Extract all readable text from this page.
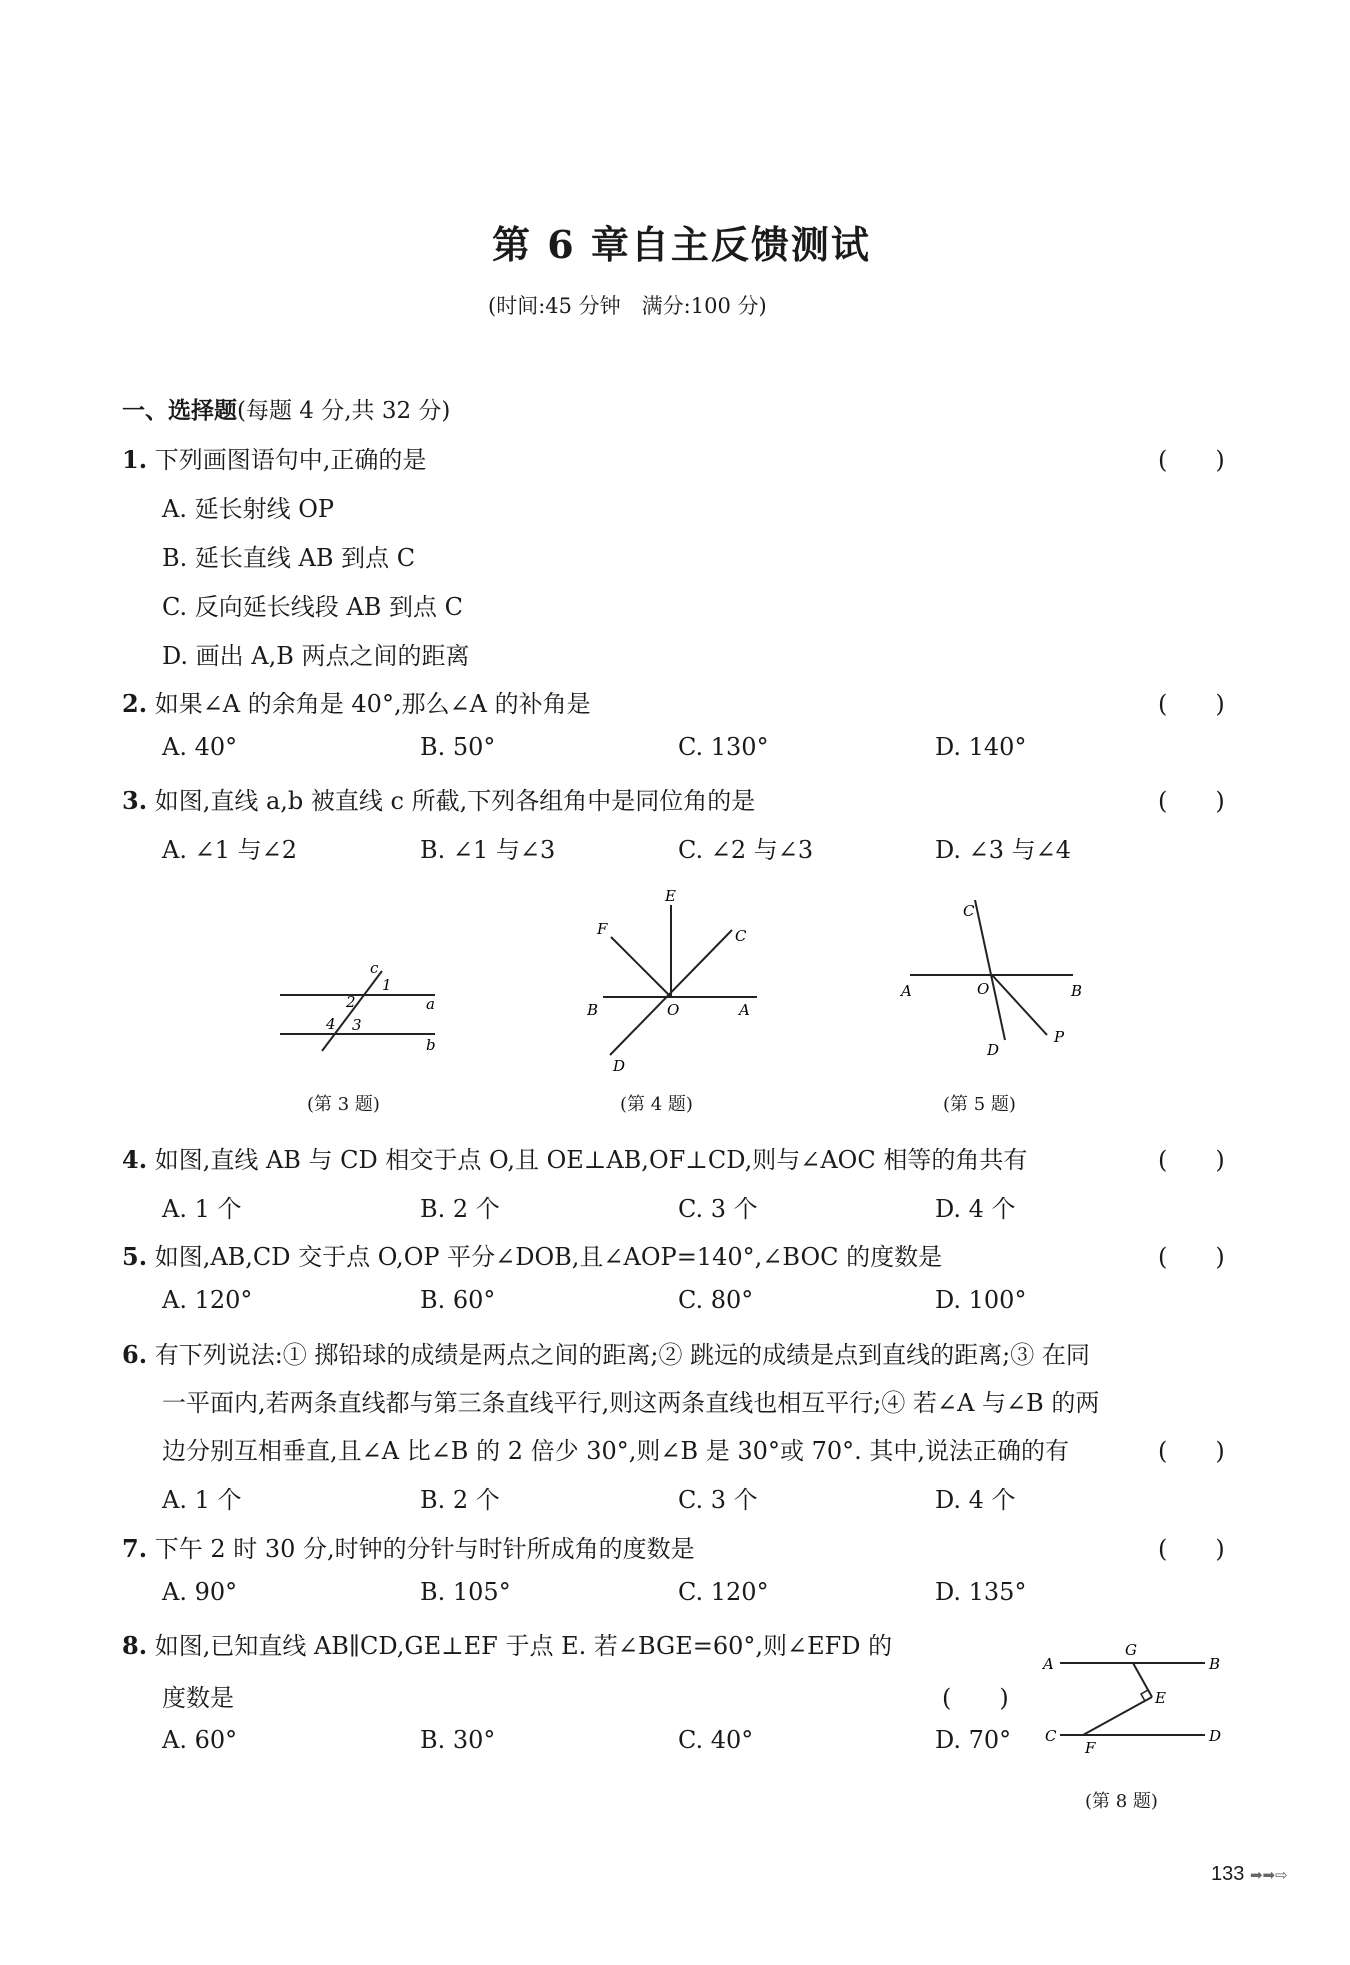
第 6 章自主反馈测试
(时间:45 分钟　满分:100 分)
一、选择题(每题 4 分,共 32 分)
1. 下列画图语句中,正确的是	(　　)
A. 延长射线 OP
B. 延长直线 AB 到点 C
C. 反向延长线段 AB 到点 C
D. 画出 A,B 两点之间的距离
2. 如果∠A 的余角是 40°,那么∠A 的补角是	(　　)
A. 40°	B. 50°	C. 130°	D. 140°
3. 如图,直线 a,b 被直线 c 所截,下列各组角中是同位角的是	(　　)
A. ∠1 与∠2	B. ∠1 与∠3	C. ∠2 与∠3	D. ∠3 与∠4
c
1
2	a
4 3
b
(第 3 题)
E
F	C
B	O	A
D
(第 4 题)
C
A	O	B
D
P
(第 5 题)
4. 如图,直线 AB 与 CD 相交于点 O,且 OE⊥AB,OF⊥CD,则与∠AOC 相等的角共有	(　　)
A. 1 个	B. 2 个	C. 3 个	D. 4 个
5. 如图,AB,CD 交于点 O,OP 平分∠DOB,且∠AOP=140°,∠BOC 的度数是	(　　)
A. 120°	B. 60°	C. 80°	D. 100°
6. 有下列说法:① 掷铅球的成绩是两点之间的距离;② 跳远的成绩是点到直线的距离;③ 在同
一平面内,若两条直线都与第三条直线平行,则这两条直线也相互平行;④ 若∠A 与∠B 的两
边分别互相垂直,且∠A 比∠B 的 2 倍少 30°,则∠B 是 30°或 70°. 其中,说法正确的有	(　　)
A. 1 个	B. 2 个	C. 3 个	D. 4 个
7. 下午 2 时 30 分,时钟的分针与时针所成角的度数是	(　　)
A. 90°	B. 105°	C. 120°	D. 135°
8. 如图,已知直线 AB∥CD,GE⊥EF 于点 E. 若∠BGE=60°,则∠EFD 的
度数是	(　　)
A. 60°	B. 30°	C. 40°	D. 70°
A
G
B
E
C
F
D
(第 8 题)
133 ➡➡⇨
